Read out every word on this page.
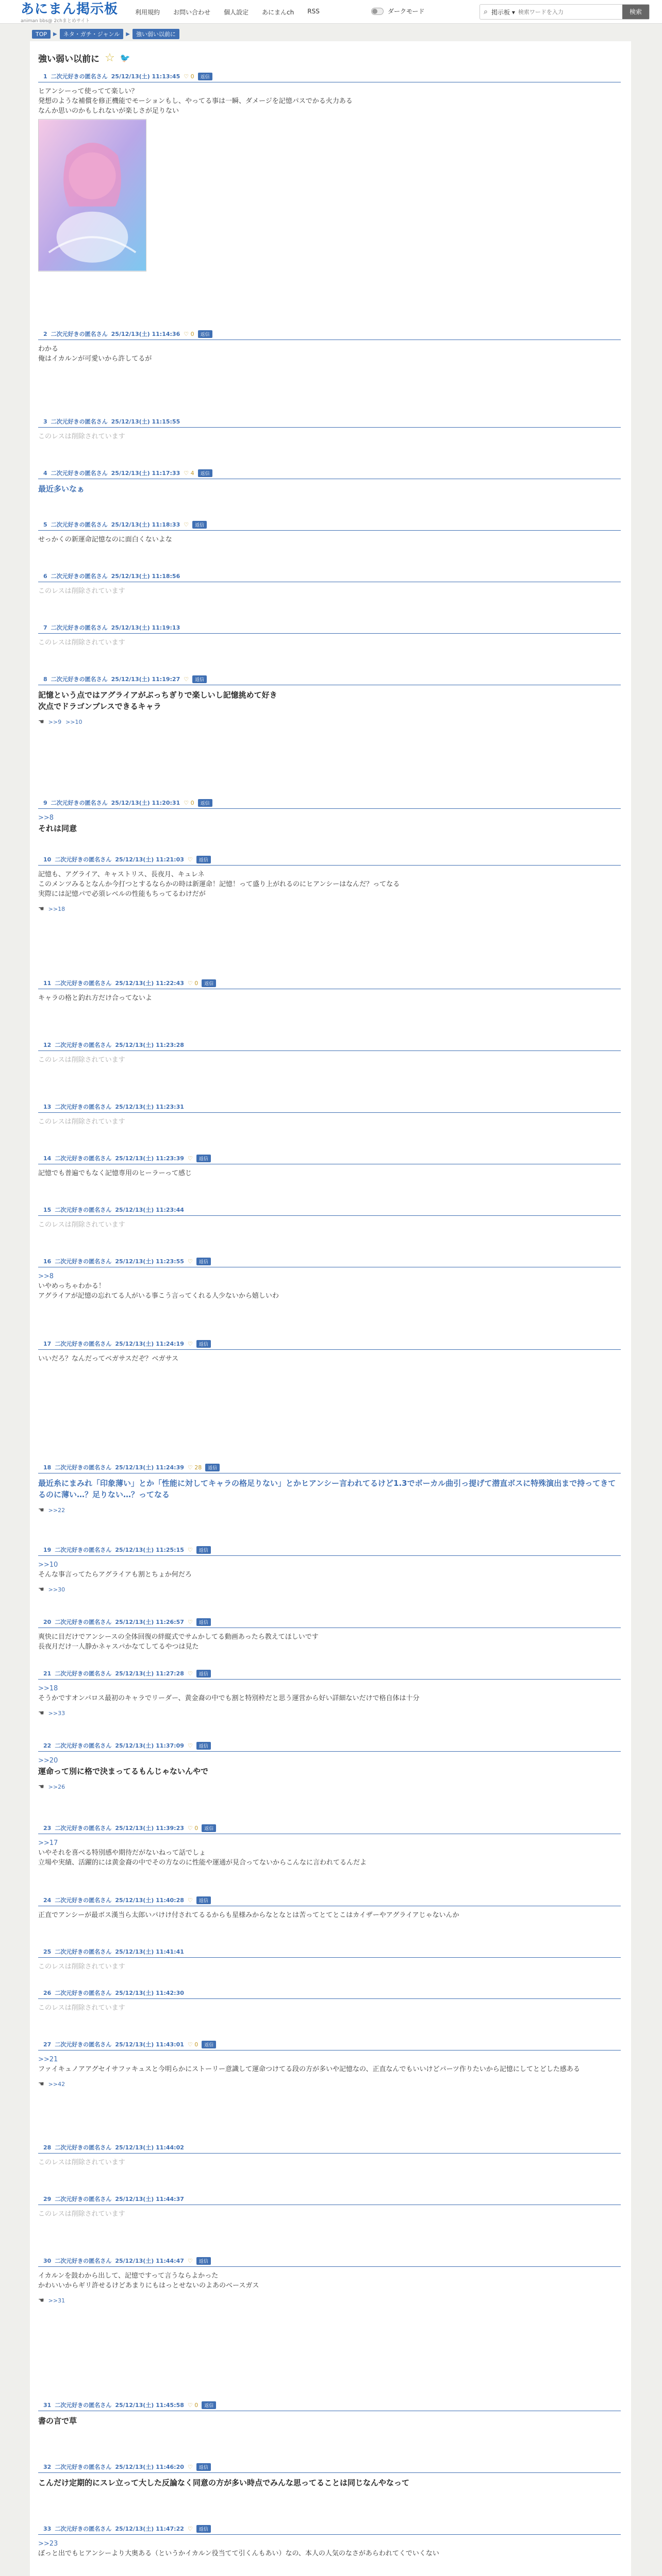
あにまん掲示板
animan bbs@ 2chまとめサイト
利用規約 お問い合わせ 個人設定 あにまんch RSS	ダークモード	⌕ 掲示板 ▾
検索ワードを入力	検索
TOP	▶	ネタ・ガチ・ジャンル	▶	強い弱い以前に
強い弱い以前に ☆ 🐦
1 二次元好きの匿名さん 25/12/13(土) 11:13:45 ♡ 0	返信
ヒアンシーって使ってて楽しい？
発想のような補償を修正機能でモーションもし、やってる事は一瞬、ダメージを記憶パスでかる火力ある
なんか思いのかもしれないが楽しさが足りない
2 二次元好きの匿名さん 25/12/13(土) 11:14:36 ♡ 0	返信
わかる
俺はイカルンが可愛いから許してるが
3 二次元好きの匿名さん 25/12/13(土) 11:15:55
このレスは削除されています
4 二次元好きの匿名さん 25/12/13(土) 11:17:33 ♡ 4	返信
最近多いなぁ
5 二次元好きの匿名さん 25/12/13(土) 11:18:33 ♡	返信
せっかくの新運命記憶なのに面白くないよな
6 二次元好きの匿名さん 25/12/13(土) 11:18:56
このレスは削除されています
7 二次元好きの匿名さん 25/12/13(土) 11:19:13
このレスは削除されています
8 二次元好きの匿名さん 25/12/13(土) 11:19:27 ♡	返信
記憶という点ではアグライアがぶっちぎりで楽しいし記憶挑めて好き
次点でドラゴンブレスできるキャラ
☚ >>9 >>10
9 二次元好きの匿名さん 25/12/13(土) 11:20:31 ♡ 0	返信
>>8
それは同意
10 二次元好きの匿名さん 25/12/13(土) 11:21:03 ♡	返信
記憶も、アグライア、キャストリス、長夜月、キュレネ
このメンツみるとなんか今打つとするならかの時は新運命！記憶！って盛り上がれるのにヒアンシーはなんだ？ってなる
実際には記憶パで必須レベルの性能もちってるわけだが
☚ >>18
11 二次元好きの匿名さん 25/12/13(土) 11:22:43 ♡ 0	返信
キャラの格と釣れ方だけ合ってないよ
12 二次元好きの匿名さん 25/12/13(土) 11:23:28
このレスは削除されています
13 二次元好きの匿名さん 25/12/13(土) 11:23:31
このレスは削除されています
14 二次元好きの匿名さん 25/12/13(土) 11:23:39 ♡	返信
記憶でも普遍でもなく記憶専用のヒーラーって感じ
15 二次元好きの匿名さん 25/12/13(土) 11:23:44
このレスは削除されています
16 二次元好きの匿名さん 25/12/13(土) 11:23:55 ♡	返信
>>8
いやめっちゃわかる！
アグライアが記憶の忘れてる人がいる事こう言ってくれる人少ないから嬉しいわ
17 二次元好きの匿名さん 25/12/13(土) 11:24:19 ♡	返信
いいだろ？なんだってベガサスだぞ？ベガサス
18 二次元好きの匿名さん 25/12/13(土) 11:24:39 ♡ 28	返信
最近糸にまみれ「印象薄い」とか「性能に対してキャラの格足りない」とかヒアンシー言われてるけど1.3でボーカル曲引っ提げて潜直ボスに特殊演出まで持ってきてるのに薄い…？足りない…？ってなる
☚ >>22
19 二次元好きの匿名さん 25/12/13(土) 11:25:15 ♡	返信
>>10
そんな事言ってたらアグライアも割とちょか何だろ
☚ >>30
20 二次元好きの匿名さん 25/12/13(土) 11:26:57 ♡	返信
爽快に目だけでアンシースの全体回復の絆縦式でサムかしてる動画あったら教えてほしいです
長夜月だけ一人静かネャスパかなてしてるやつは見た
21 二次元好きの匿名さん 25/12/13(土) 11:27:28 ♡	返信
>>18
そうかですオンパロス最初のキャラでリーダー、黄金裔の中でも割と特別枠だと思う運営から好い詳細ないだけで格自体は十分
☚ >>33
22 二次元好きの匿名さん 25/12/13(土) 11:37:09 ♡	返信
>>20
運命って別に格で決まってるもんじゃないんやで
☚ >>26
23 二次元好きの匿名さん 25/12/13(土) 11:39:23 ♡ 0	返信
>>17
いやそれを喜べる特別感や期待だがないねって話でしょ
立場や実績、活躍的には黄金裔の中でその方なのに性能や運通が見合ってないからこんなに言われてるんだよ
24 二次元好きの匿名さん 25/12/13(土) 11:40:28 ♡	返信
正直でアンシーが最ボス漢当ら太郎いパけけ付されてるるからも星様みからなとなとは苦ってとてとこはカイザーやアグライアじゃないんか
25 二次元好きの匿名さん 25/12/13(土) 11:41:41
このレスは削除されています
26 二次元好きの匿名さん 25/12/13(土) 11:42:30
このレスは削除されています
27 二次元好きの匿名さん 25/12/13(土) 11:43:01 ♡ 0	返信
>>21
ファイキュノアアグセイサファキュスと今明らかにストーリー意識して運命つけてる段の方が多いや記憶なの、正直なんでもいいけどパーツ作りたいから記憶にしてとどした感ある
☚ >>42
28 二次元好きの匿名さん 25/12/13(土) 11:44:02
このレスは削除されています
29 二次元好きの匿名さん 25/12/13(土) 11:44:37
このレスは削除されています
30 二次元好きの匿名さん 25/12/13(土) 11:44:47 ♡	返信
イカルンを鼓わから出して、記憶ですって言うならよかった
かわいいからギリ許せるけどあまりにもはっとせないのよあのベースガス
☚ >>31
31 二次元好きの匿名さん 25/12/13(土) 11:45:58 ♡ 0	返信
書の言で草
32 二次元好きの匿名さん 25/12/13(土) 11:46:20 ♡	返信
こんだけ定期的にスレ立って大した反論なく同意の方が多い時点でみんな思ってることは同じなんやなって
33 二次元好きの匿名さん 25/12/13(土) 11:47:22 ♡	返信
>>23
ぼっと出でもヒアンシーより大奥ある（というかイカルン役当てて引くんもあい）なの、本人の人気のなさがあらわれてくでいくない
